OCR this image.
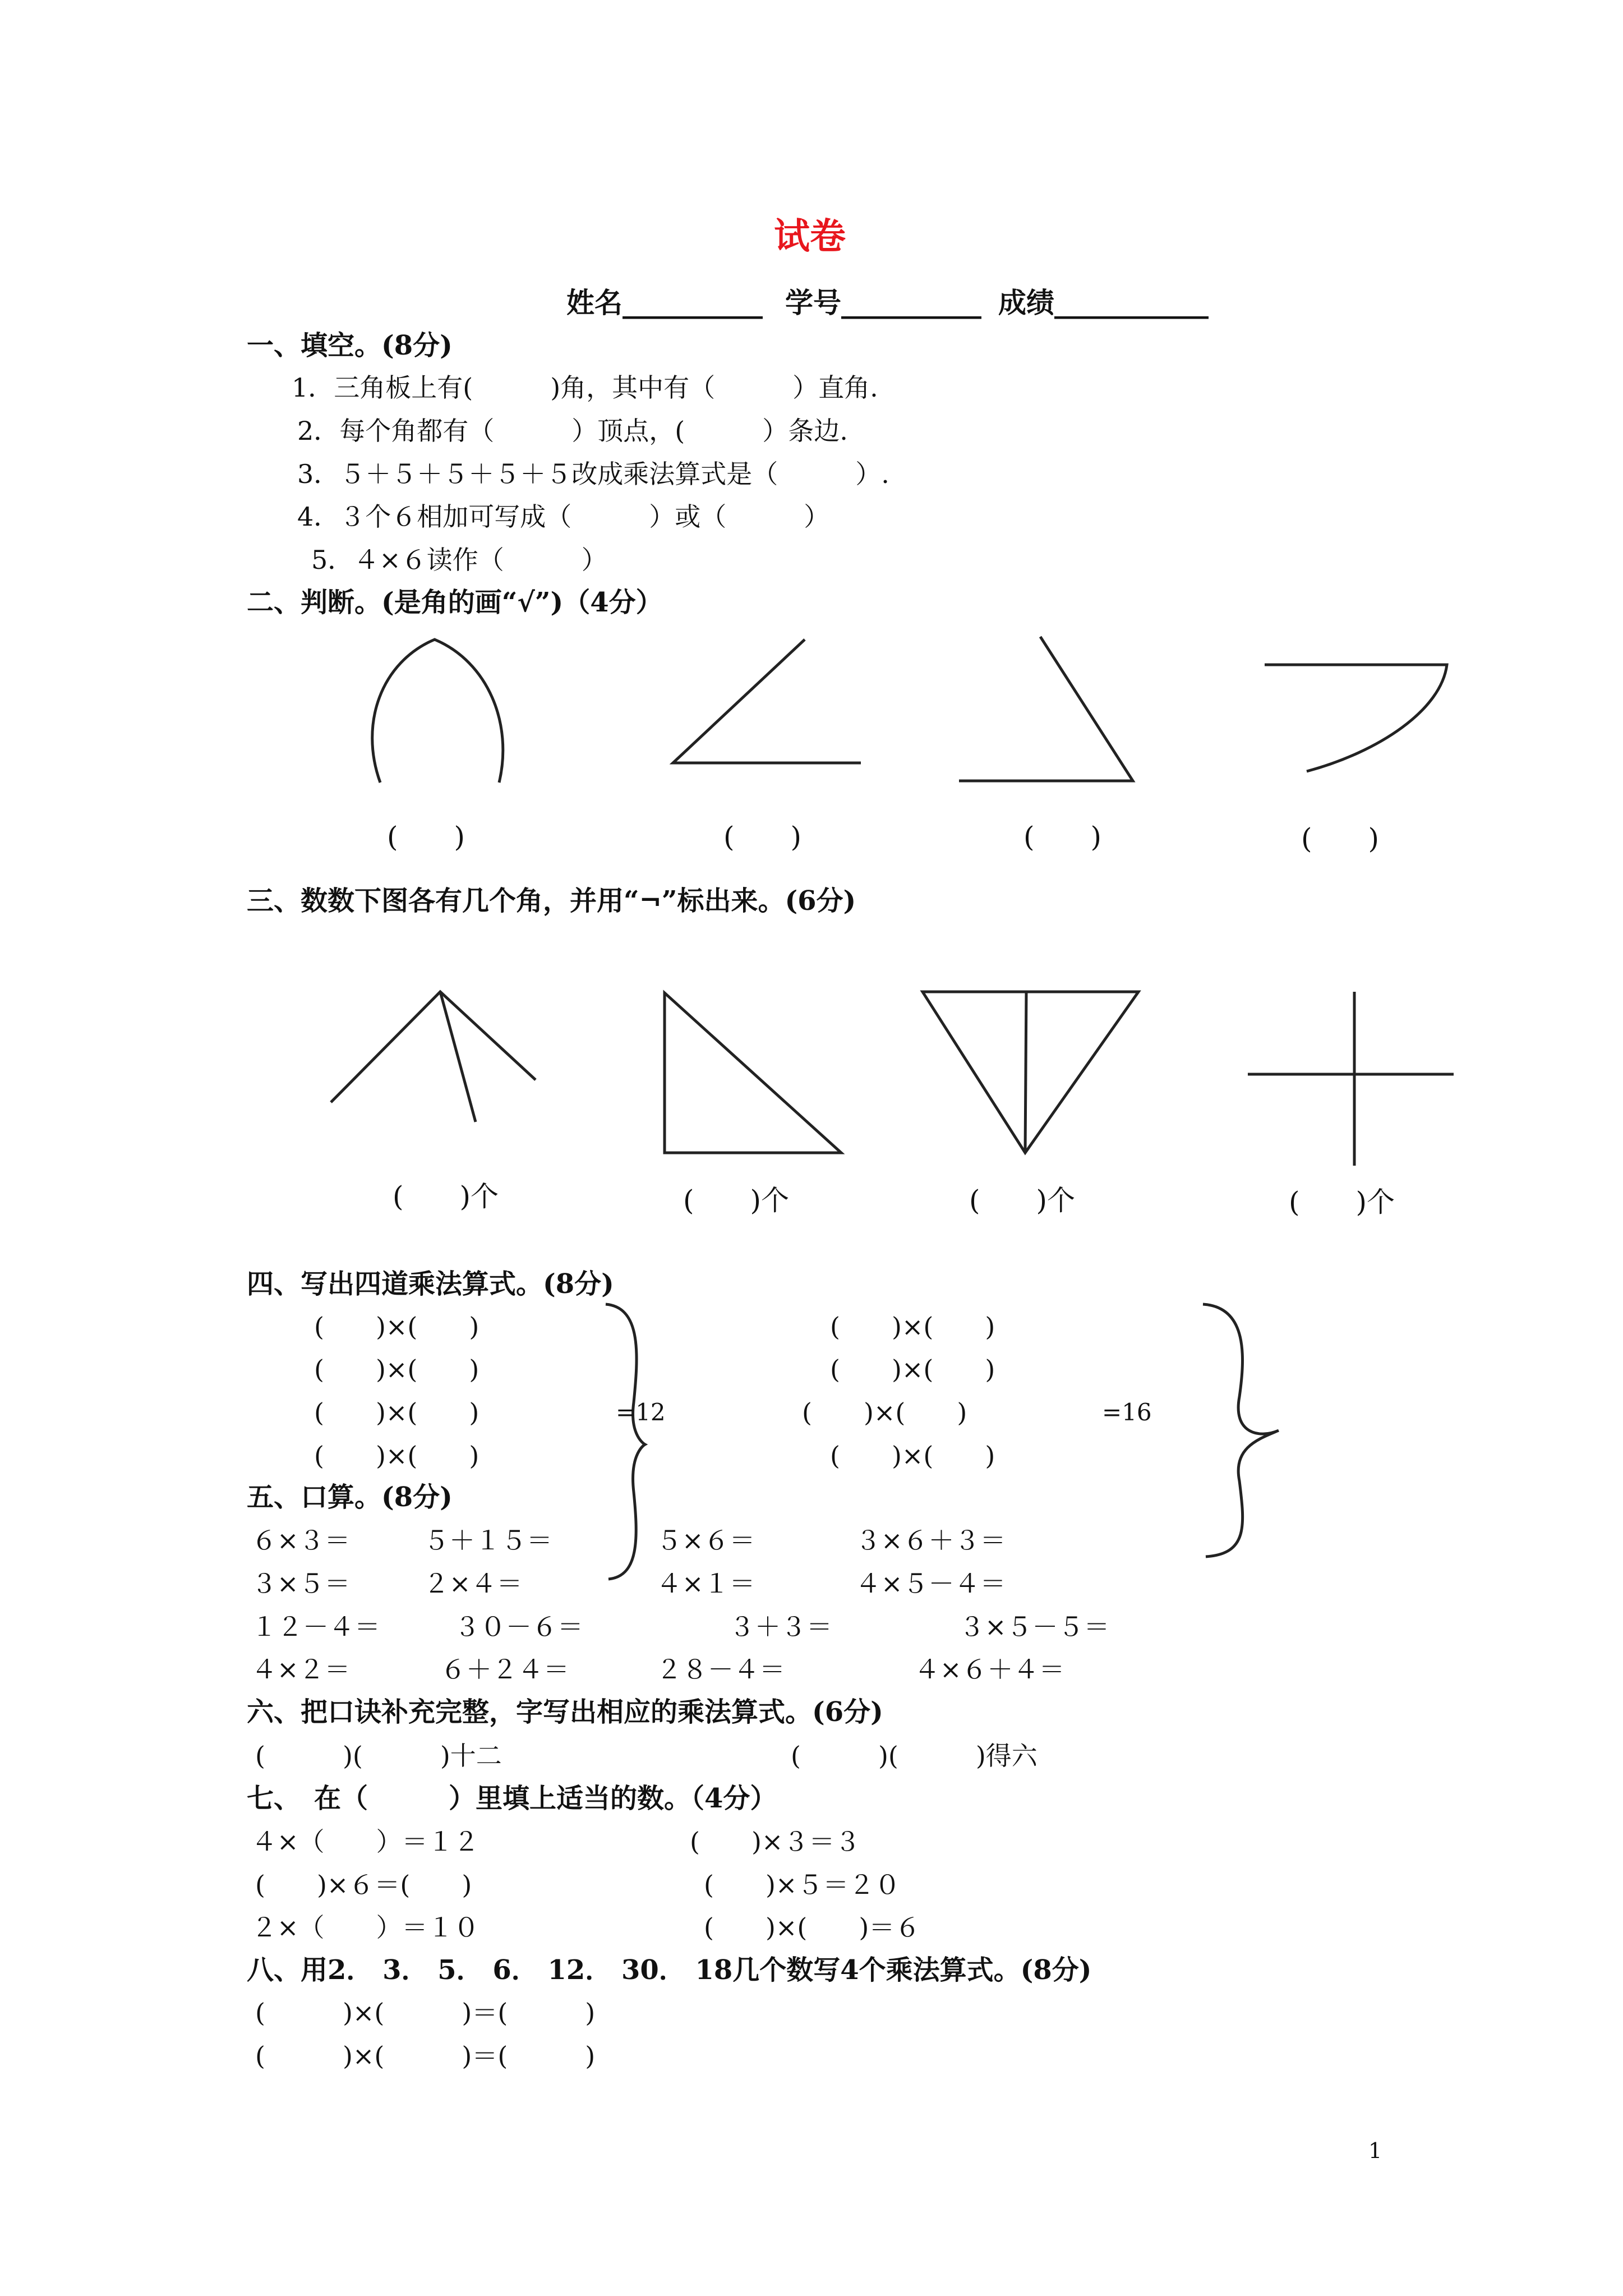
试卷
姓名__________ 学号__________ 成绩___________
一、填空。(8分)
1．三角板上有(　　　)角，其中有（　　　）直角.
2．每个角都有（　　　）顶点，(　　　）条边.
3．５＋５＋５＋５＋５改成乘法算式是（　　　）.
4．３个６相加可写成（　　　）或（　　　）
5．４×６读作（　　　）
二、判断。(是角的画“√”)（4分）
(　　)	(　　)	(　　)	(　　)
三、数数下图各有几个角，并用“¬”标出来。(6分)
(　　)个	(　　)个	(　　)个	(　　)个
四、写出四道乘法算式。(8分)
(　　)×(　　)
(　　)×(　　)
(　　)×(　　)
(　　)×(　　)
=12
(　　)×(　　)
(　　)×(　　)
(　　)×(　　)
(　　)×(　　)
=16
五、口算。(8分)
６×３＝	５＋１５＝	５×６＝	３×６＋３＝
３×５＝	２×４＝	４×１＝	４×５－４＝
１２－４＝	３０－６＝	３＋３＝	３×５－５＝
４×２＝	６＋２４＝	２８－４＝	４×６＋４＝
六、把口诀补充完整，字写出相应的乘法算式。(6分)
(　　　)(　　　)十二	(　　　)(　　　)得六
七、　在（　　　）里填上适当的数。（4分）
４×（　　）＝１２	(　　)×３＝３
(　　)×６＝(　　)	(　　)×５＝２０
２×（　　）＝１０	(　　)×(　　)＝６
八、用2． 3． 5． 6． 12． 30． 18几个数写4个乘法算式。(8分)
(　　　)×(　　　)＝(　　　)
(　　　)×(　　　)＝(　　　)
1
